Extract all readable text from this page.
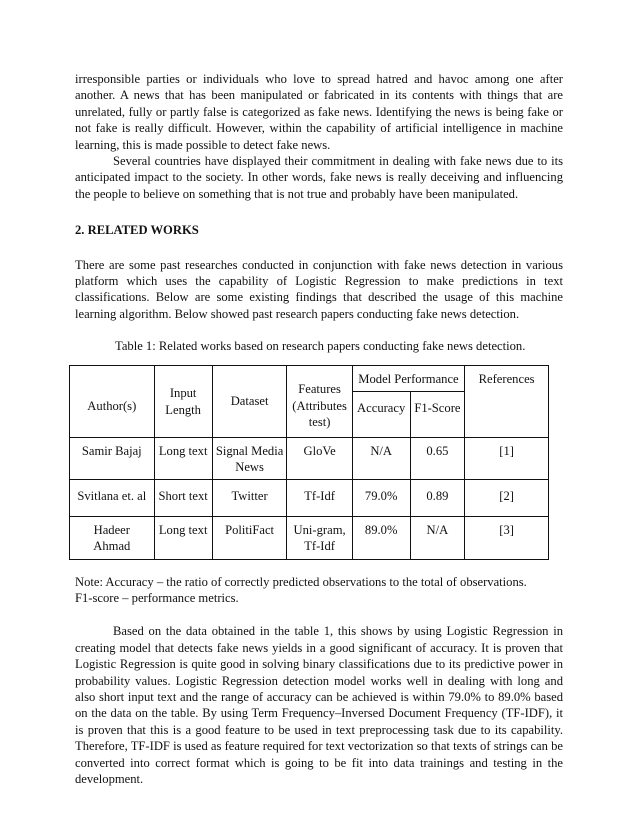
irresponsible parties or individuals who love to spread hatred and havoc among one after another. A news that has been manipulated or fabricated in its contents with things that are unrelated, fully or partly false is categorized as fake news. Identifying the news is being fake or not fake is really difficult. However, within the capability of artificial intelligence in machine learning, this is made possible to detect fake news.

Several countries have displayed their commitment in dealing with fake news due to its anticipated impact to the society. In other words, fake news is really deceiving and influencing the people to believe on something that is not true and probably have been manipulated.

2. RELATED WORKS

There are some past researches conducted in conjunction with fake news detection in various platform which uses the capability of Logistic Regression to make predictions in text classifications. Below are some existing findings that described the usage of this machine learning algorithm. Below showed past research papers conducting fake news detection.

Table 1: Related works based on research papers conducting fake news detection.

Author(s)	Input Length	Dataset	Features (Attributes test)	Model Performance		References
				Accuracy	F1-Score	
Samir Bajaj	Long text	Signal Media News	GloVe	N/A	0.65	[1]
Svitlana et. al	Short text	Twitter	Tf-Idf	79.0%	0.89	[2]
Hadeer Ahmad	Long text	PolitiFact	Uni-gram, Tf-Idf	89.0%	N/A	[3]

Note: Accuracy – the ratio of correctly predicted observations to the total of observations.

F1-score – performance metrics.

Based on the data obtained in the table 1, this shows by using Logistic Regression in creating model that detects fake news yields in a good significant of accuracy. It is proven that Logistic Regression is quite good in solving binary classifications due to its predictive power in probability values. Logistic Regression detection model works well in dealing with long and also short input text and the range of accuracy can be achieved is within 79.0% to 89.0% based on the data on the table. By using Term Frequency–Inversed Document Frequency (TF-IDF), it is proven that this is a good feature to be used in text preprocessing task due to its capability. Therefore, TF-IDF is used as feature required for text vectorization so that texts of strings can be converted into correct format which is going to be fit into data trainings and testing in the development.
